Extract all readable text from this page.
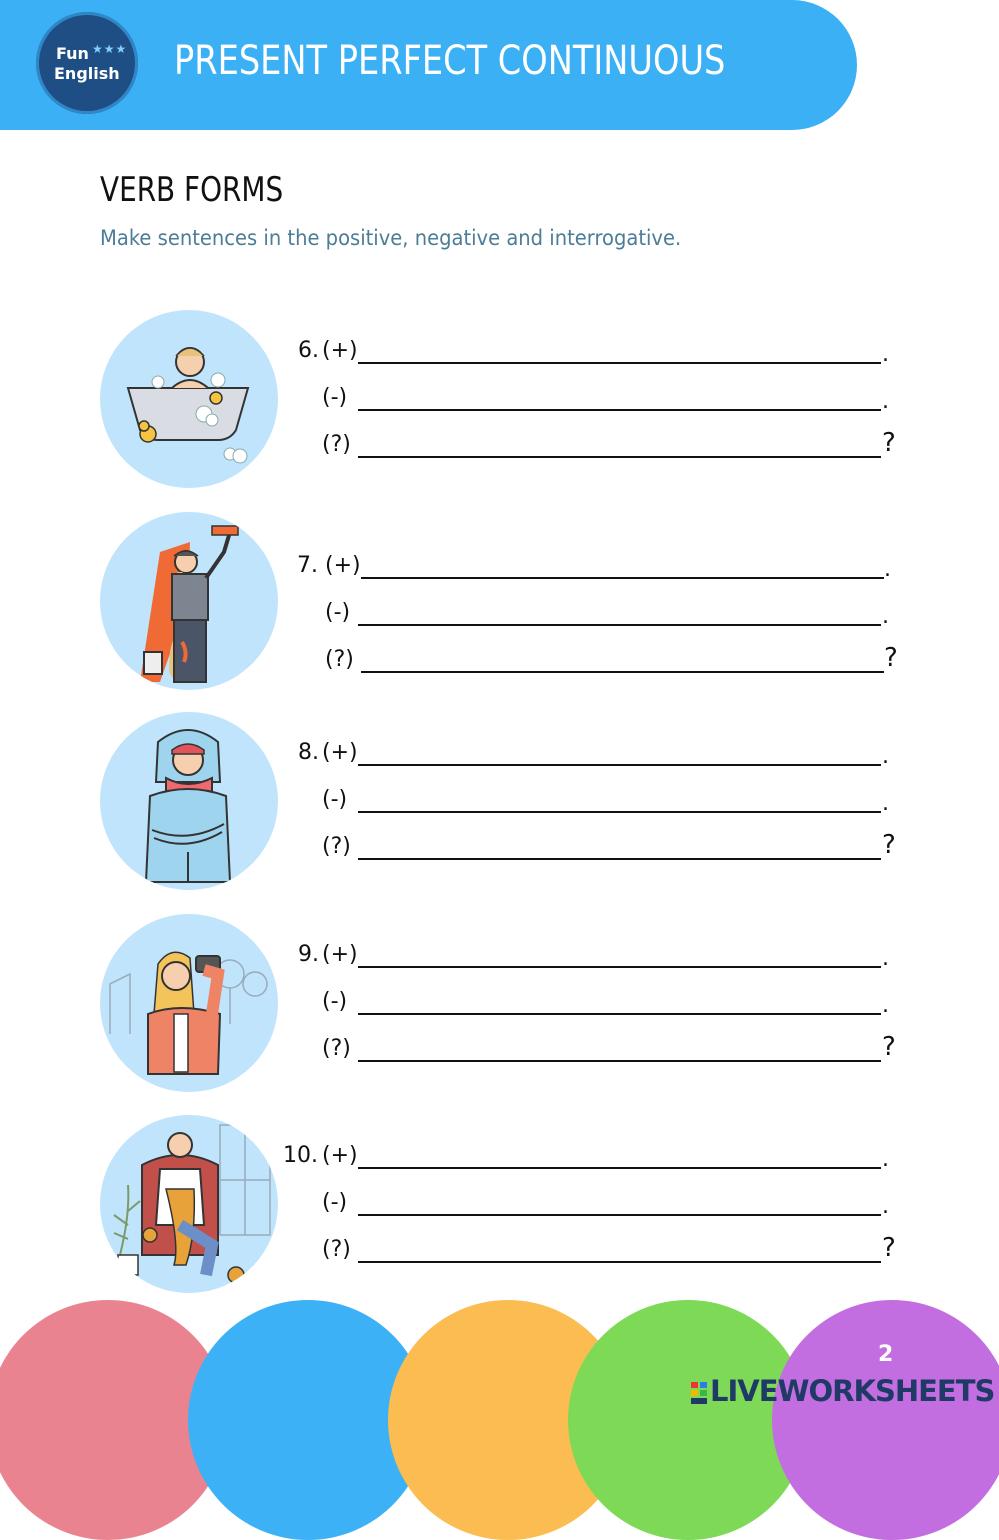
Fun ★★★
English PRESENT PERFECT CONTINUOUS
VERB FORMS
Make sentences in the positive, negative and interrogative.
6. (+)	.
(-)	.
(?)	?
7. (+)	.
(-)	.
(?)	?
8. (+)	.
(-)	.
(?)	?
9. (+)	.
(-)	.
(?)	?
10. (+)	.
(-)	.
(?)	?
2
LIVEWORKSHEETS
